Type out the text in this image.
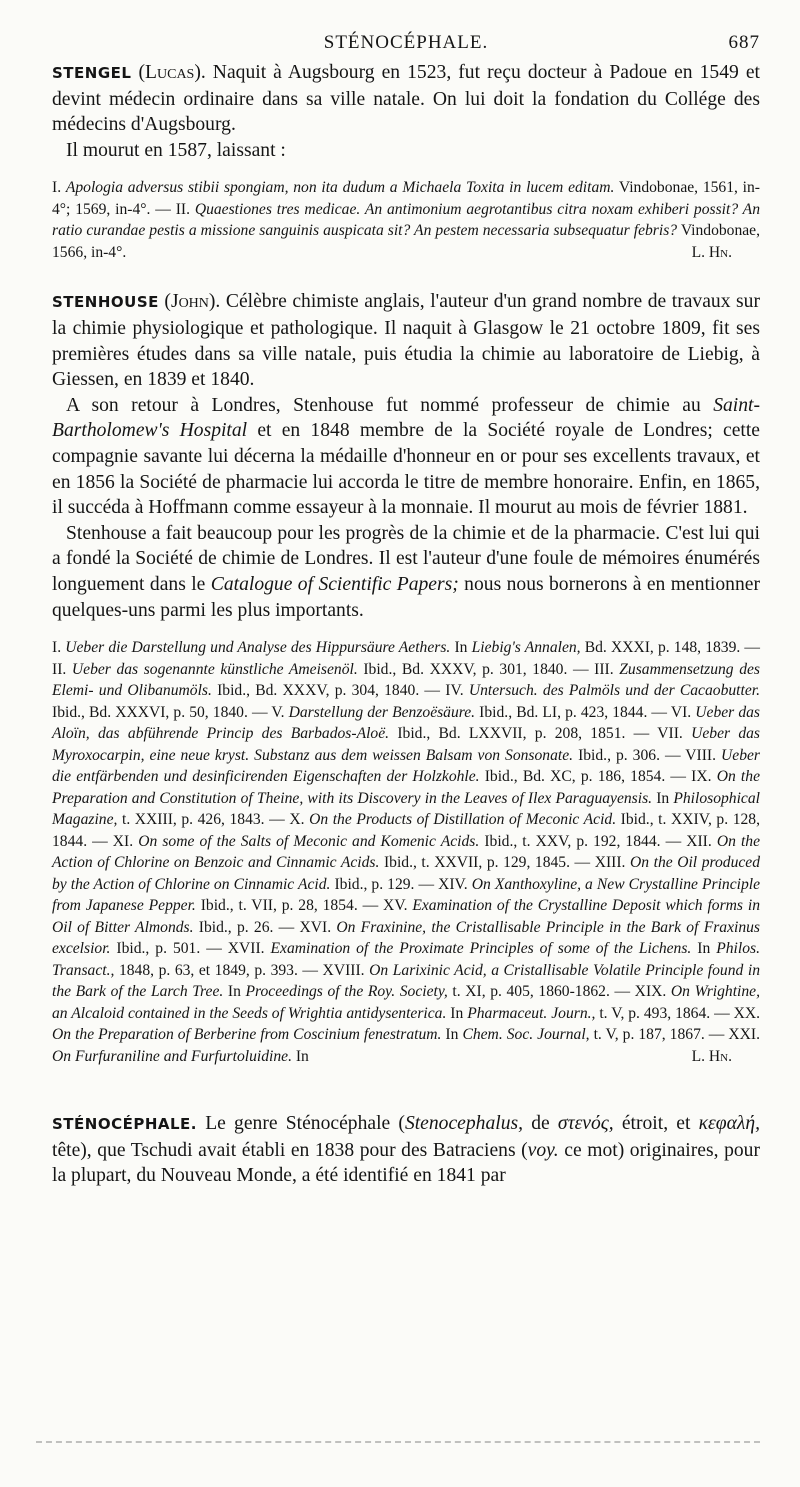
STÉNOCÉPHALE.	687

STENGEL (Lucas). Naquit à Augsbourg en 1523, fut reçu docteur à Padoue en 1549 et devint médecin ordinaire dans sa ville natale. On lui doit la fondation du Collége des médecins d'Augsbourg.

Il mourut en 1587, laissant :

I. Apologia adversus stibii spongiam, non ita dudum a Michaela Toxita in lucem editam. Vindobonae, 1561, in-4°; 1569, in-4°. — II. Quaestiones tres medicae. An antimonium aegrotantibus citra noxam exhiberi possit? An ratio curandae pestis a missione sanguinis auspicata sit? An pestem necessaria subsequatur febris? Vindobonae, 1566, in-4°.	L. Hn.

STENHOUSE (John). Célèbre chimiste anglais, l'auteur d'un grand nombre de travaux sur la chimie physiologique et pathologique. Il naquit à Glasgow le 21 octobre 1809, fit ses premières études dans sa ville natale, puis étudia la chimie au laboratoire de Liebig, à Giessen, en 1839 et 1840.

A son retour à Londres, Stenhouse fut nommé professeur de chimie au Saint-Bartholomew's Hospital et en 1848 membre de la Société royale de Londres; cette compagnie savante lui décerna la médaille d'honneur en or pour ses excellents travaux, et en 1856 la Société de pharmacie lui accorda le titre de membre honoraire. Enfin, en 1865, il succéda à Hoffmann comme essayeur à la monnaie. Il mourut au mois de février 1881.

Stenhouse a fait beaucoup pour les progrès de la chimie et de la pharmacie. C'est lui qui a fondé la Société de chimie de Londres. Il est l'auteur d'une foule de mémoires énumérés longuement dans le Catalogue of Scientific Papers; nous nous bornerons à en mentionner quelques-uns parmi les plus importants.

I. Ueber die Darstellung und Analyse des Hippursäure Aethers. In Liebig's Annalen, Bd. XXXI, p. 148, 1839. — II. Ueber das sogenannte künstliche Ameisenöl. Ibid., Bd. XXXV, p. 301, 1840. — III. Zusammensetzung des Elemi- und Olibanumöls. Ibid., Bd. XXXV, p. 304, 1840. — IV. Untersuch. des Palmöls und der Cacaobutter. Ibid., Bd. XXXVI, p. 50, 1840. — V. Darstellung der Benzoësäure. Ibid., Bd. LI, p. 423, 1844. — VI. Ueber das Aloïn, das abführende Princip des Barbados-Aloë. Ibid., Bd. LXXVII, p. 208, 1851. — VII. Ueber das Myroxocarpin, eine neue kryst. Substanz aus dem weissen Balsam von Sonsonate. Ibid., p. 306. — VIII. Ueber die entfärbenden und desinficirenden Eigenschaften der Holzkohle. Ibid., Bd. XC, p. 186, 1854. — IX. On the Preparation and Constitution of Theine, with its Discovery in the Leaves of Ilex Paraguayensis. In Philosophical Magazine, t. XXIII, p. 426, 1843. — X. On the Products of Distillation of Meconic Acid. Ibid., t. XXIV, p. 128, 1844. — XI. On some of the Salts of Meconic and Komenic Acids. Ibid., t. XXV, p. 192, 1844. — XII. On the Action of Chlorine on Benzoic and Cinnamic Acids. Ibid., t. XXVII, p. 129, 1845. — XIII. On the Oil produced by the Action of Chlorine on Cinnamic Acid. Ibid., p. 129. — XIV. On Xanthoxyline, a New Crystalline Principle from Japanese Pepper. Ibid., t. VII, p. 28, 1854. — XV. Examination of the Crystalline Deposit which forms in Oil of Bitter Almonds. Ibid., p. 26. — XVI. On Fraxinine, the Cristallisable Principle in the Bark of Fraxinus excelsior. Ibid., p. 501. — XVII. Examination of the Proximate Principles of some of the Lichens. In Philos. Transact., 1848, p. 63, et 1849, p. 393. — XVIII. On Larixinic Acid, a Cristallisable Volatile Principle found in the Bark of the Larch Tree. In Proceedings of the Roy. Society, t. XI, p. 405, 1860-1862. — XIX. On Wrightine, an Alcaloid contained in the Seeds of Wrightia antidysenterica. In Pharmaceut. Journ., t. V, p. 493, 1864. — XX. On the Preparation of Berberine from Coscinium fenestratum. In Chem. Soc. Journal, t. V, p. 187, 1867. — XXI. On Furfuraniline and Furfurtoluidine. In	L. Hn.

STÉNOCÉPHALE. Le genre Sténocéphale (Stenocephalus, de στενός, étroit, et κεφαλή, tête), que Tschudi avait établi en 1838 pour des Batraciens (voy. ce mot) originaires, pour la plupart, du Nouveau Monde, a été identifié en 1841 par
